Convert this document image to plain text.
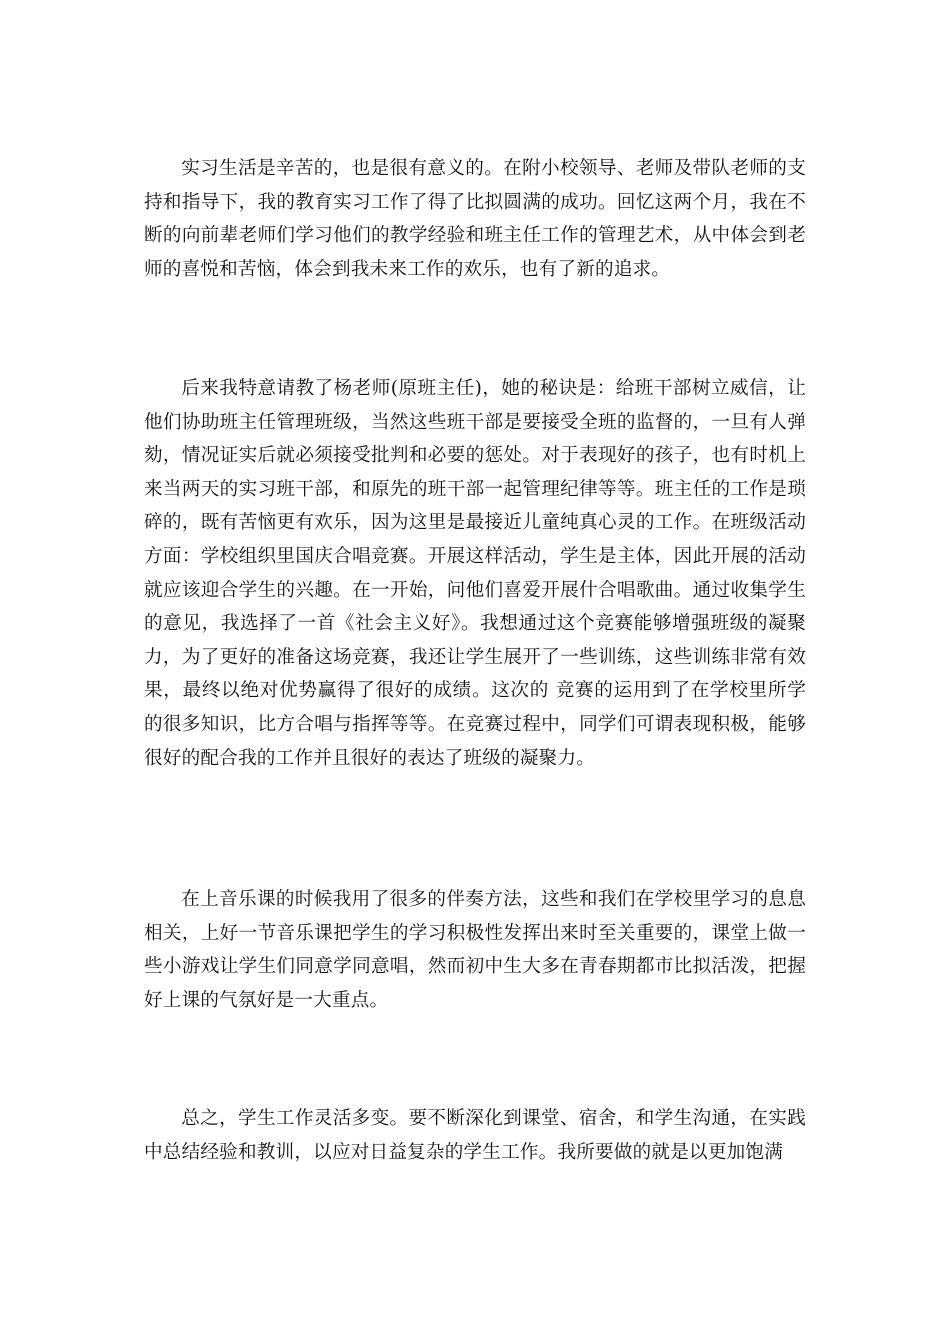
实习生活是辛苦的，也是很有意义的。在附小校领导、老师及带队老师的支持和指导下，我的教育实习工作了得了比拟圆满的成功。回忆这两个月，我在不断的向前辈老师们学习他们的教学经验和班主任工作的管理艺术，从中体会到老师的喜悦和苦恼，体会到我未来工作的欢乐，也有了新的追求。

后来我特意请教了杨老师(原班主任)，她的秘诀是：给班干部树立威信，让他们协助班主任管理班级，当然这些班干部是要接受全班的监督的，一旦有人弹劾，情况证实后就必须接受批判和必要的惩处。对于表现好的孩子，也有时机上来当两天的实习班干部，和原先的班干部一起管理纪律等等。班主任的工作是琐碎的，既有苦恼更有欢乐，因为这里是最接近儿童纯真心灵的工作。在班级活动方面：学校组织里国庆合唱竞赛。开展这样活动，学生是主体，因此开展的活动就应该迎合学生的兴趣。在一开始，问他们喜爱开展什合唱歌曲。通过收集学生的意见，我选择了一首《社会主义好》。我想通过这个竞赛能够增强班级的凝聚力，为了更好的准备这场竞赛，我还让学生展开了一些训练，这些训练非常有效果，最终以绝对优势赢得了很好的成绩。这次的 竞赛的运用到了在学校里所学的很多知识，比方合唱与指挥等等。在竞赛过程中，同学们可谓表现积极，能够很好的配合我的工作并且很好的表达了班级的凝聚力。

在上音乐课的时候我用了很多的伴奏方法，这些和我们在学校里学习的息息相关，上好一节音乐课把学生的学习积极性发挥出来时至关重要的，课堂上做一些小游戏让学生们同意学同意唱，然而初中生大多在青春期都市比拟活泼，把握好上课的气氛好是一大重点。

总之，学生工作灵活多变。要不断深化到课堂、宿舍，和学生沟通，在实践中总结经验和教训，以应对日益复杂的学生工作。我所要做的就是以更加饱满
